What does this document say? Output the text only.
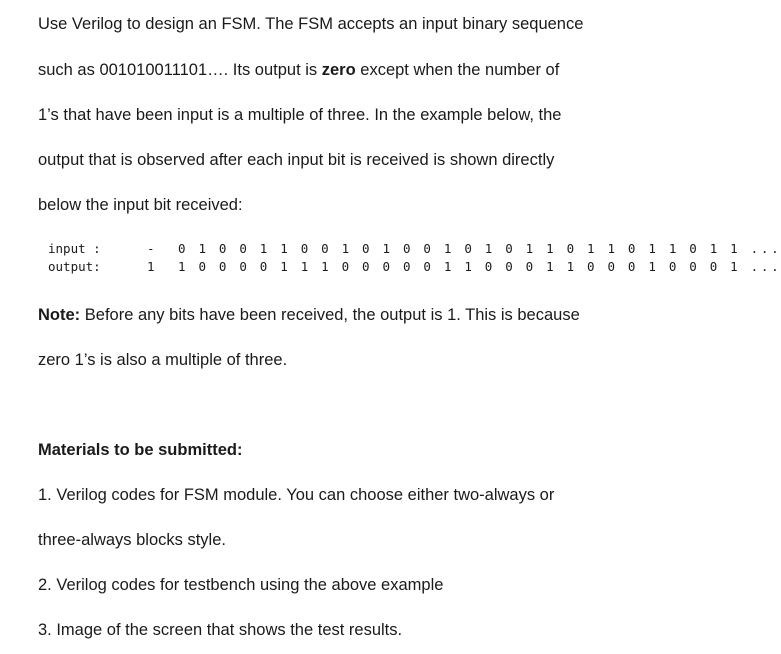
Use Verilog to design an FSM. The FSM accepts an input binary sequence
such as 001010011101…. Its output is zero except when the number of
1’s that have been input is a multiple of three. In the example below, the
output that is observed after each input bit is received is shown directly
below the input bit received:
input :	- 0 1 0 0 1 1 0 0 1 0 1 0 0 1 0 1 0 1 1 0 1 1 0 1 1 0 1 1 ...
output:	1 1 0 0 0 0 1 1 1 0 0 0 0 0 1 1 0 0 0 1 1 0 0 0 1 0 0 0 1 ...
Note: Before any bits have been received, the output is 1. This is because
zero 1’s is also a multiple of three.
Materials to be submitted:
1. Verilog codes for FSM module. You can choose either two-always or
three-always blocks style.
2. Verilog codes for testbench using the above example
3. Image of the screen that shows the test results.
